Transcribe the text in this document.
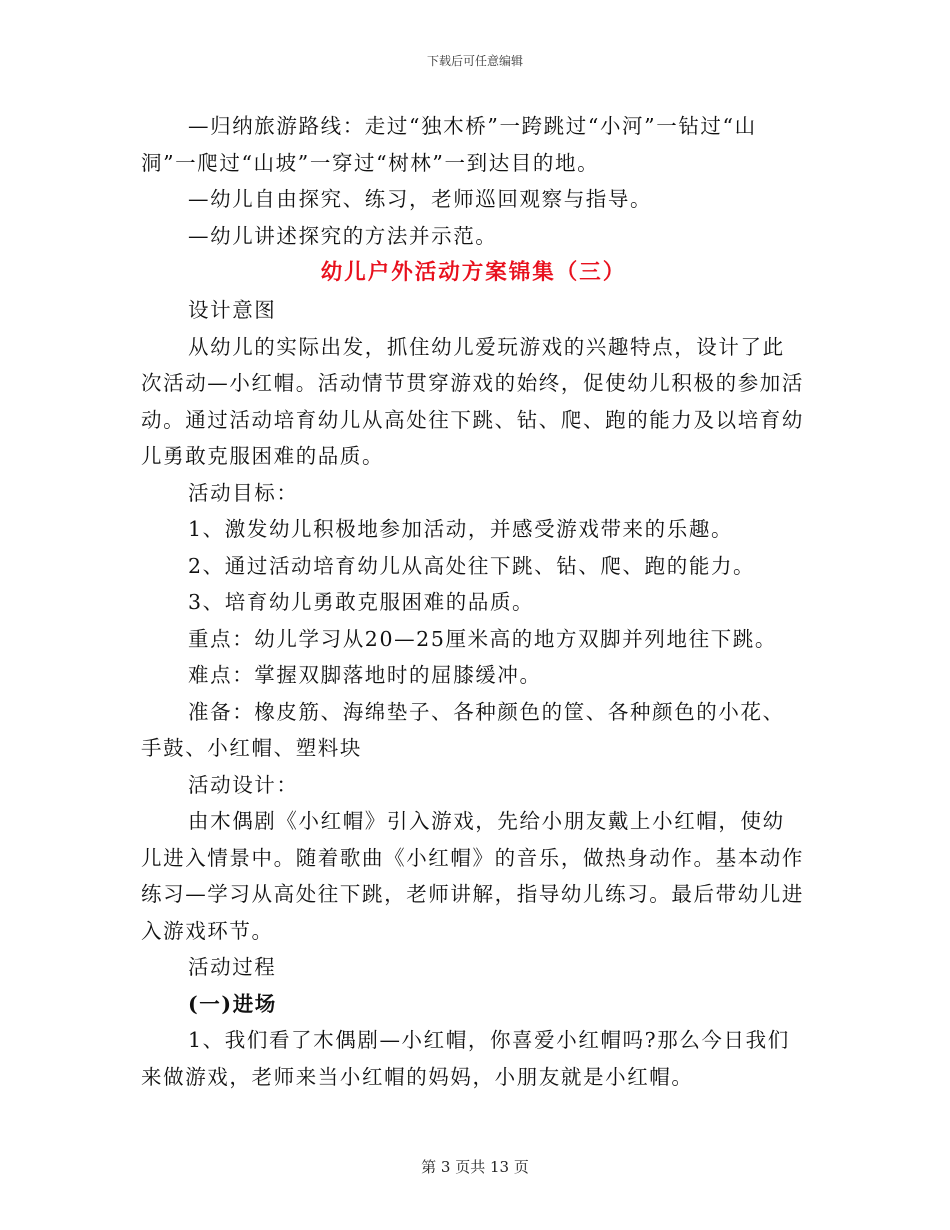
下载后可任意编辑

—归纳旅游路线：走过“独木桥”一跨跳过“小河”一钻过“山洞”一爬过“山坡”一穿过“树林”一到达目的地。

—幼儿自由探究、练习，老师巡回观察与指导。

—幼儿讲述探究的方法并示范。

幼儿户外活动方案锦集（三）

设计意图

从幼儿的实际出发，抓住幼儿爱玩游戏的兴趣特点，设计了此次活动—小红帽。活动情节贯穿游戏的始终，促使幼儿积极的参加活动。通过活动培育幼儿从高处往下跳、钻、爬、跑的能力及以培育幼儿勇敢克服困难的品质。

活动目标：

1、激发幼儿积极地参加活动，并感受游戏带来的乐趣。

2、通过活动培育幼儿从高处往下跳、钻、爬、跑的能力。

3、培育幼儿勇敢克服困难的品质。

重点：幼儿学习从20—25厘米高的地方双脚并列地往下跳。

难点：掌握双脚落地时的屈膝缓冲。

准备：橡皮筋、海绵垫子、各种颜色的筐、各种颜色的小花、手鼓、小红帽、塑料块

活动设计：

由木偶剧《小红帽》引入游戏，先给小朋友戴上小红帽，使幼儿进入情景中。随着歌曲《小红帽》的音乐，做热身动作。基本动作练习—学习从高处往下跳，老师讲解，指导幼儿练习。最后带幼儿进入游戏环节。

活动过程

(一)进场

1、我们看了木偶剧—小红帽，你喜爱小红帽吗?那么今日我们来做游戏，老师来当小红帽的妈妈，小朋友就是小红帽。

第 3 页共 13 页
